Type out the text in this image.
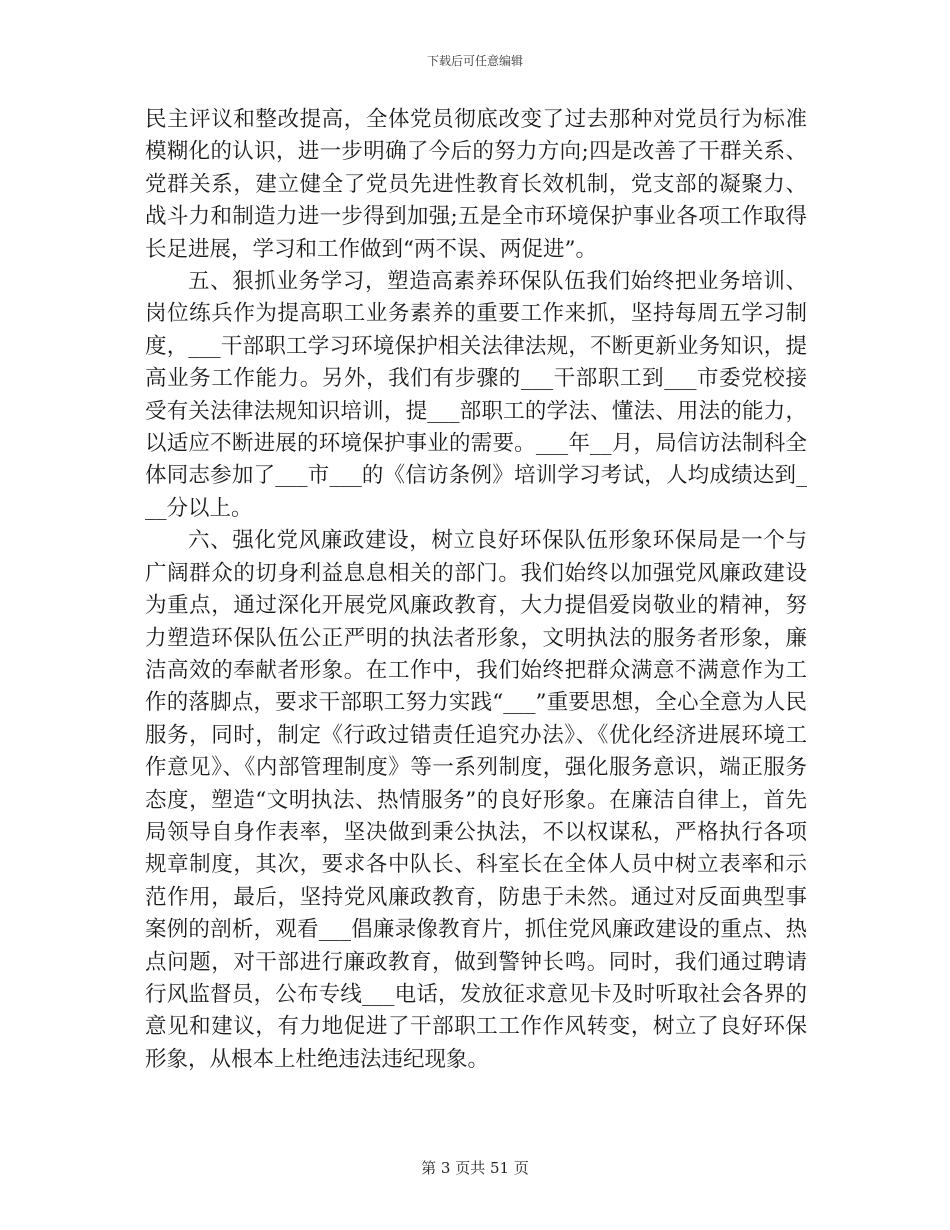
下载后可任意编辑

民主评议和整改提高，全体党员彻底改变了过去那种对党员行为标准模糊化的认识，进一步明确了今后的努力方向;四是改善了干群关系、党群关系，建立健全了党员先进性教育长效机制，党支部的凝聚力、战斗力和制造力进一步得到加强;五是全市环境保护事业各项工作取得长足进展，学习和工作做到“两不误、两促进”。

五、狠抓业务学习，塑造高素养环保队伍我们始终把业务培训、岗位练兵作为提高职工业务素养的重要工作来抓，坚持每周五学习制度，___干部职工学习环境保护相关法律法规，不断更新业务知识，提高业务工作能力。另外，我们有步骤的___干部职工到___市委党校接受有关法律法规知识培训，提___部职工的学法、懂法、用法的能力，以适应不断进展的环境保护事业的需要。___年__月，局信访法制科全体同志参加了___市___的《信访条例》培训学习考试，人均成绩达到___分以上。

六、强化党风廉政建设，树立良好环保队伍形象环保局是一个与广阔群众的切身利益息息相关的部门。我们始终以加强党风廉政建设为重点，通过深化开展党风廉政教育，大力提倡爱岗敬业的精神，努力塑造环保队伍公正严明的执法者形象，文明执法的服务者形象，廉洁高效的奉献者形象。在工作中，我们始终把群众满意不满意作为工作的落脚点，要求干部职工努力实践“___”重要思想，全心全意为人民服务，同时，制定《行政过错责任追究办法》、《优化经济进展环境工作意见》、《内部管理制度》等一系列制度，强化服务意识，端正服务态度，塑造“文明执法、热情服务”的良好形象。在廉洁自律上，首先局领导自身作表率，坚决做到秉公执法，不以权谋私，严格执行各项规章制度，其次，要求各中队长、科室长在全体人员中树立表率和示范作用，最后，坚持党风廉政教育，防患于未然。通过对反面典型事案例的剖析，观看___倡廉录像教育片，抓住党风廉政建设的重点、热点问题，对干部进行廉政教育，做到警钟长鸣。同时，我们通过聘请行风监督员，公布专线___电话，发放征求意见卡及时听取社会各界的意见和建议，有力地促进了干部职工工作作风转变，树立了良好环保形象，从根本上杜绝违法违纪现象。

第 3 页共 51 页
